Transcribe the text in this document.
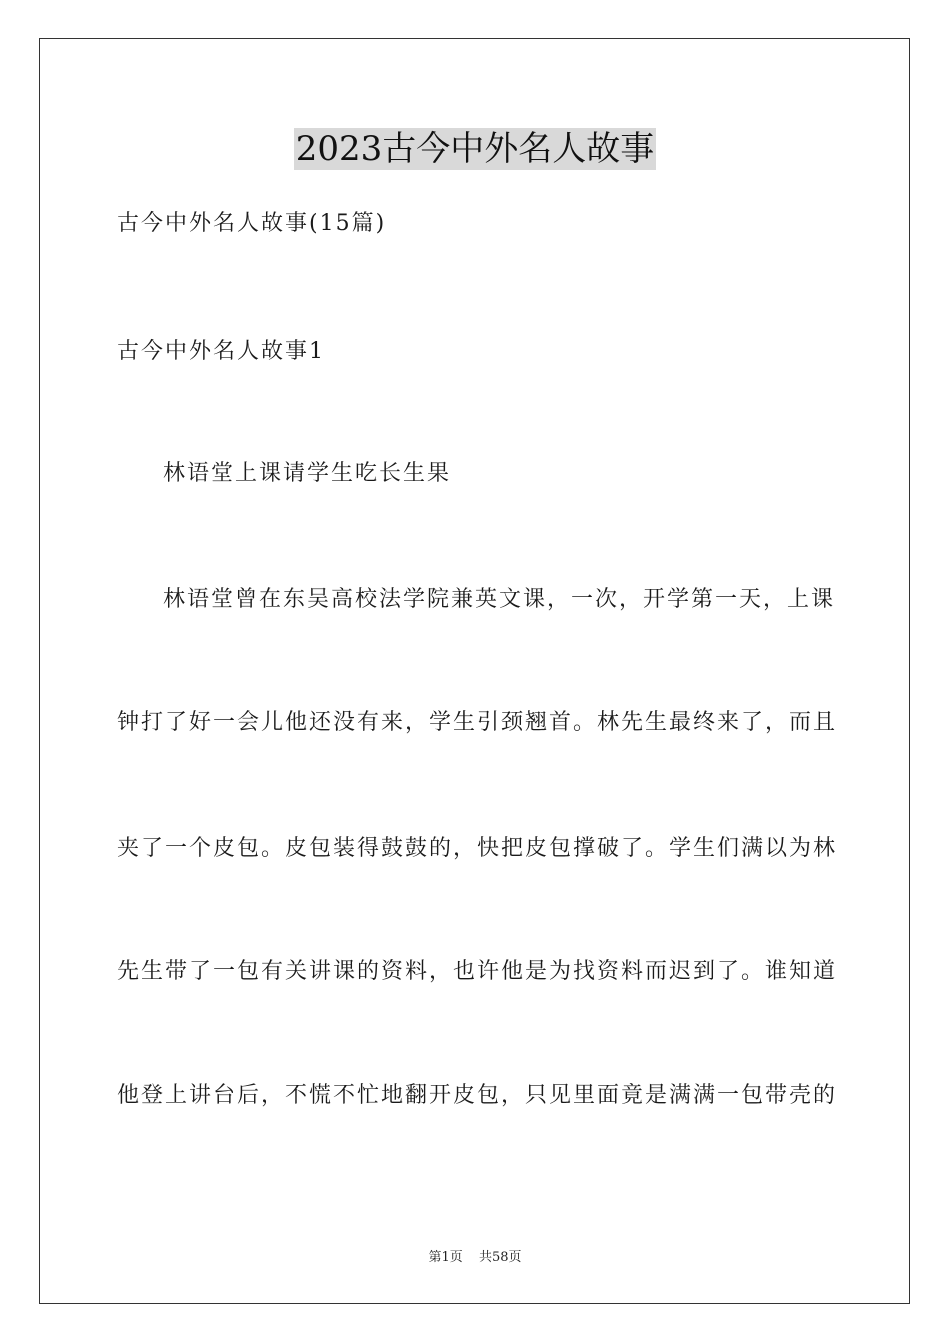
2023古今中外名人故事
古今中外名人故事(15篇)
古今中外名人故事1
林语堂上课请学生吃长生果
林语堂曾在东吴高校法学院兼英文课，一次，开学第一天，上课
钟打了好一会儿他还没有来，学生引颈翘首。林先生最终来了，而且
夹了一个皮包。皮包装得鼓鼓的，快把皮包撑破了。学生们满以为林
先生带了一包有关讲课的资料，也许他是为找资料而迟到了。谁知道
他登上讲台后，不慌不忙地翻开皮包，只见里面竟是满满一包带壳的
第1页 共58页
